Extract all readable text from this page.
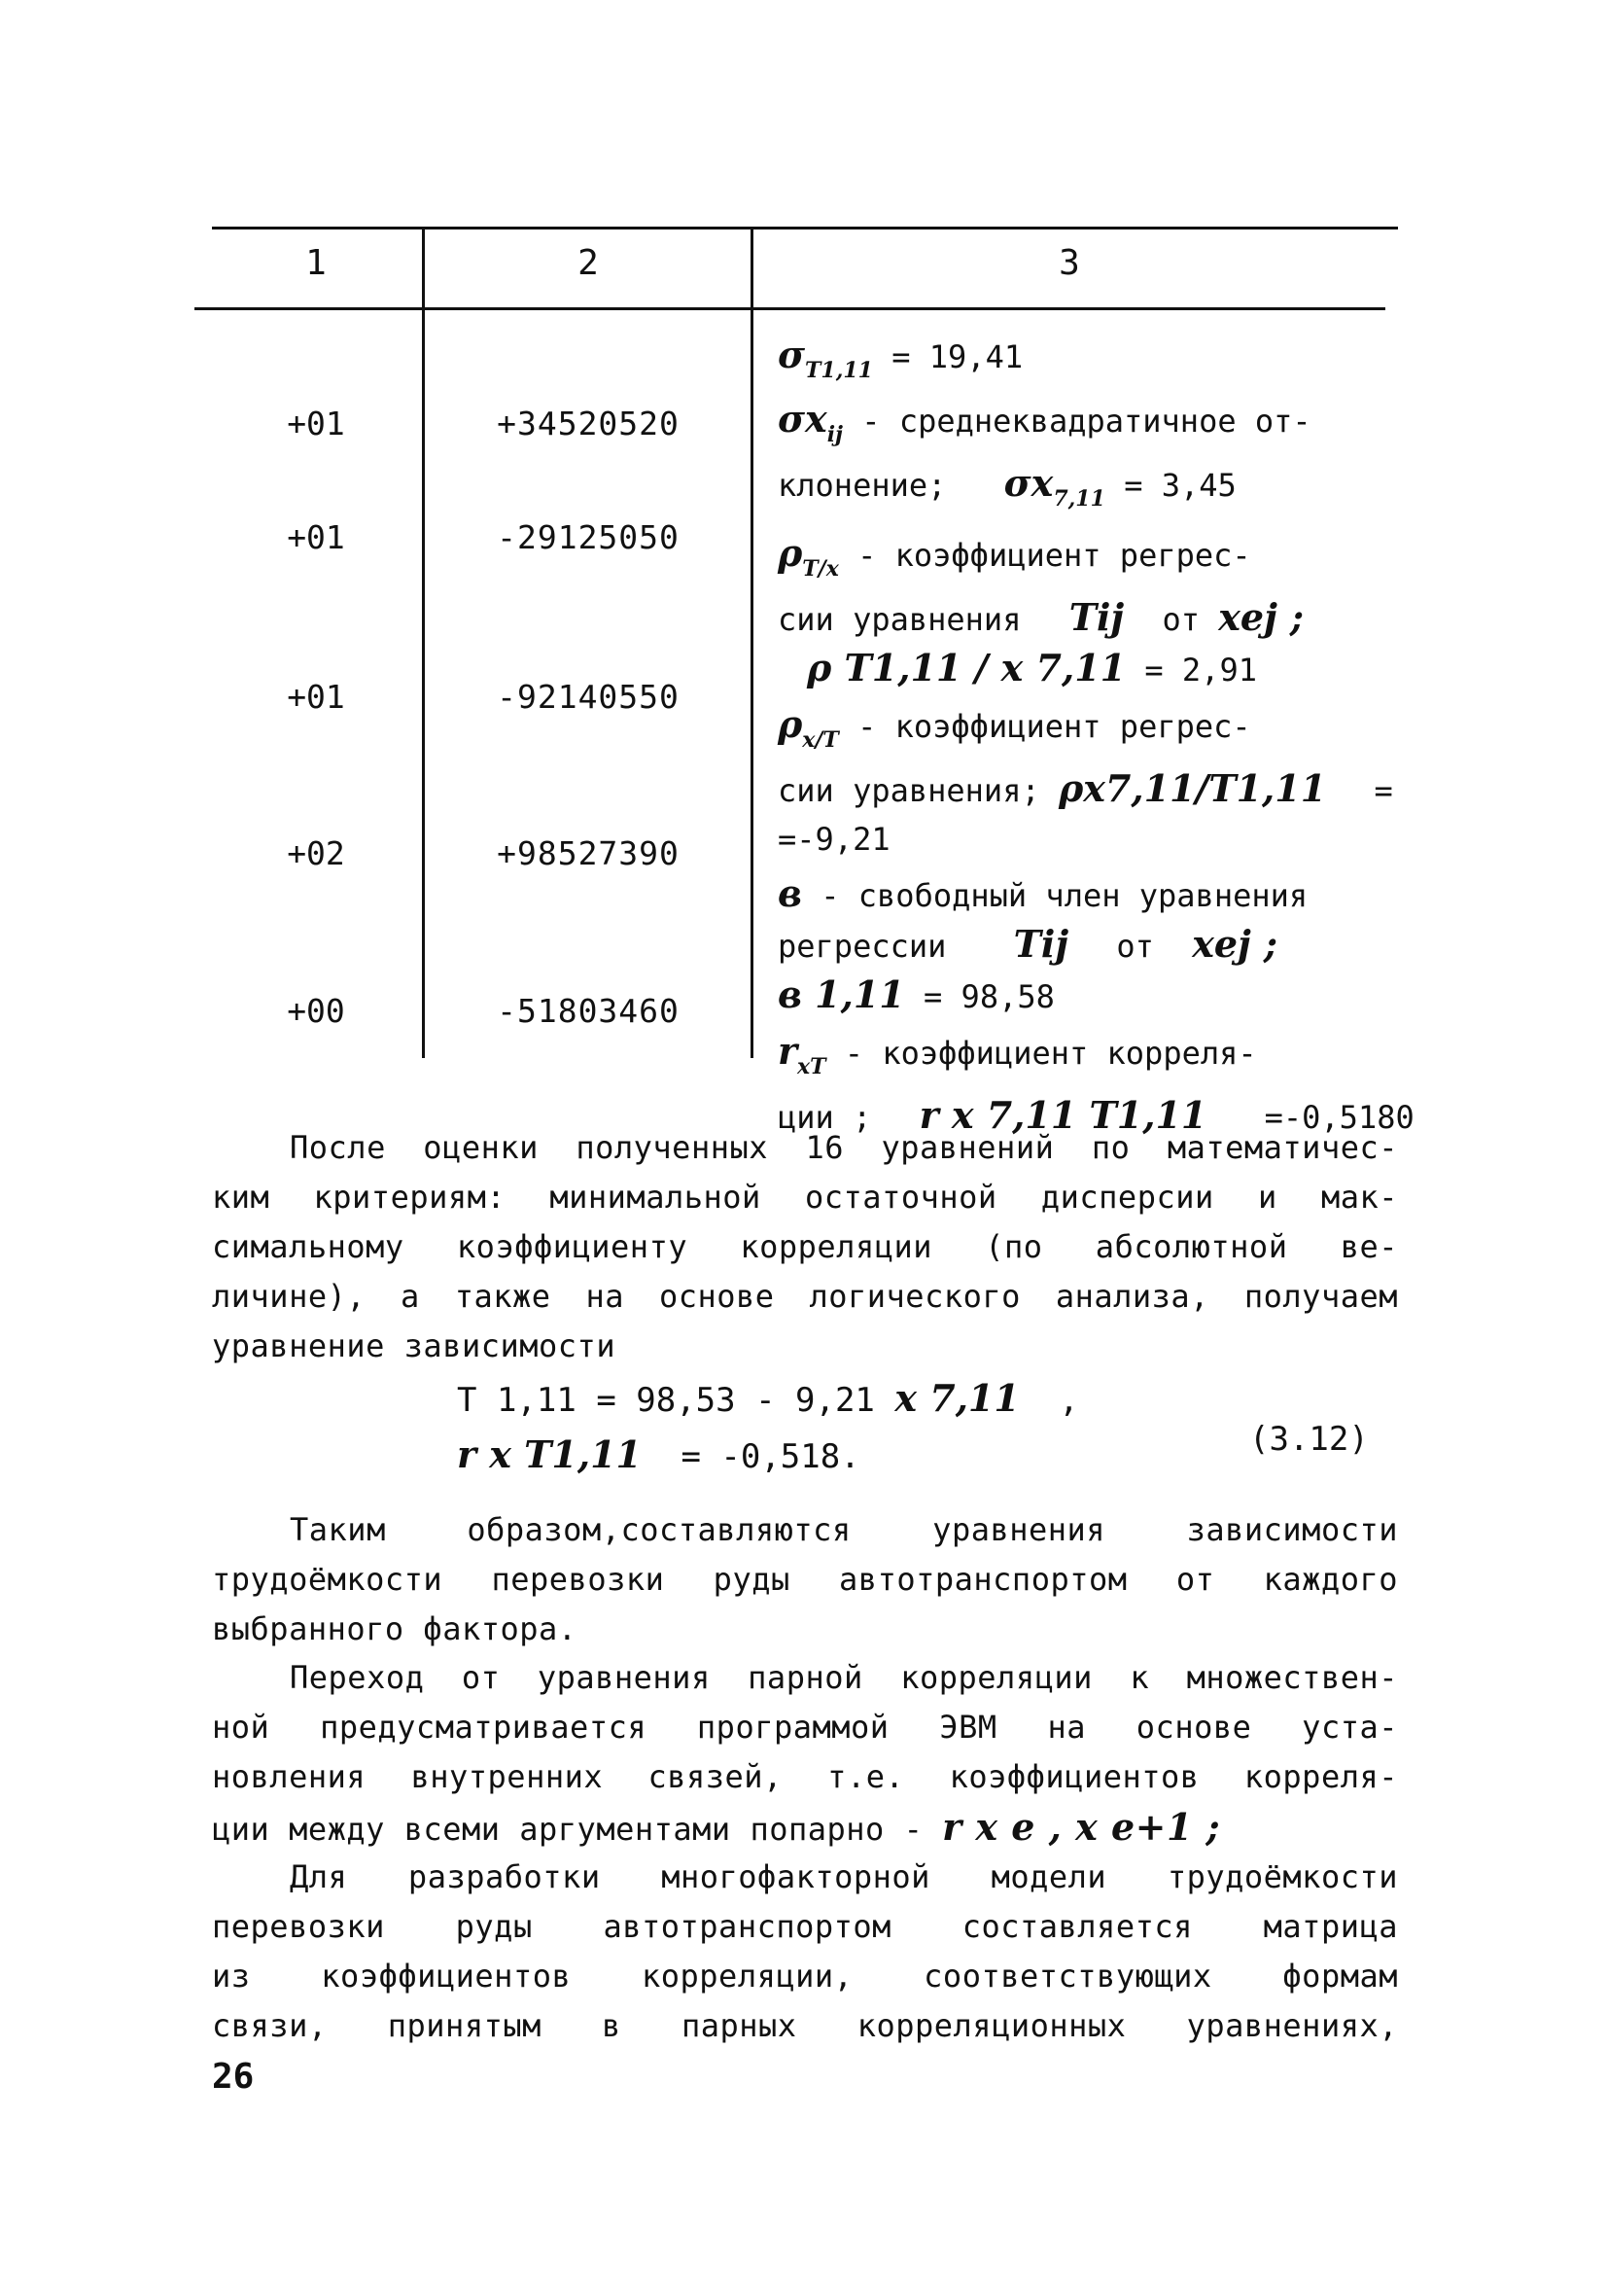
1	2	3
+01	+34520520
+01	-29125050
+01	-92140550
+02	+98527390
+00	-51803460
$\sigma_{T1,11} = 19,41$
$\sigma x_{ij}$ - среднеквадратичное от-
клонение; $\sigma x_{7,11} = 3,45$
$\rho_{T/x}$ - коэффициент регрес-
сии уравнения Tij от xej ;
ρ T1,11 / x 7,11 = 2,91
$\rho_{x/T}$ - коэффициент регрес-
сии уравнения; ρx7,11/T1,11 =
=-9,21
в - свободный член уравнения
регрессии Tij от xej ;
в 1,11 = 98,58
$r_{xT}$ - коэффициент корреля-
ции ; r x 7,11 T1,11 =-0,5180
После оценки полученных 16 уравнений по математичес-
ким критериям: минимальной остаточной дисперсии и мак-
симальному коэффициенту корреляции (по абсолютной ве-
личине), а также на основе логического анализа, получаем
уравнение зависимости
T 1,11 = 98,53 - 9,21 x 7,11 ,
r x T1,11 = -0,518.	(3.12)
Таким образом,составляются уравнения зависимости
трудоёмкости перевозки руды автотранспортом от каждого
выбранного фактора.
Переход от уравнения парной корреляции к множествен-
ной предусматривается программой ЭВМ на основе уста-
новления внутренних связей, т.е. коэффициентов корреля-
ции между всеми аргументами попарно - r x e , x e+1 ;
Для разработки многофакторной модели трудоёмкости
перевозки руды автотранспортом составляется матрица
из коэффициентов корреляции, соответствующих формам
связи, принятым в парных корреляционных уравнениях,
26
